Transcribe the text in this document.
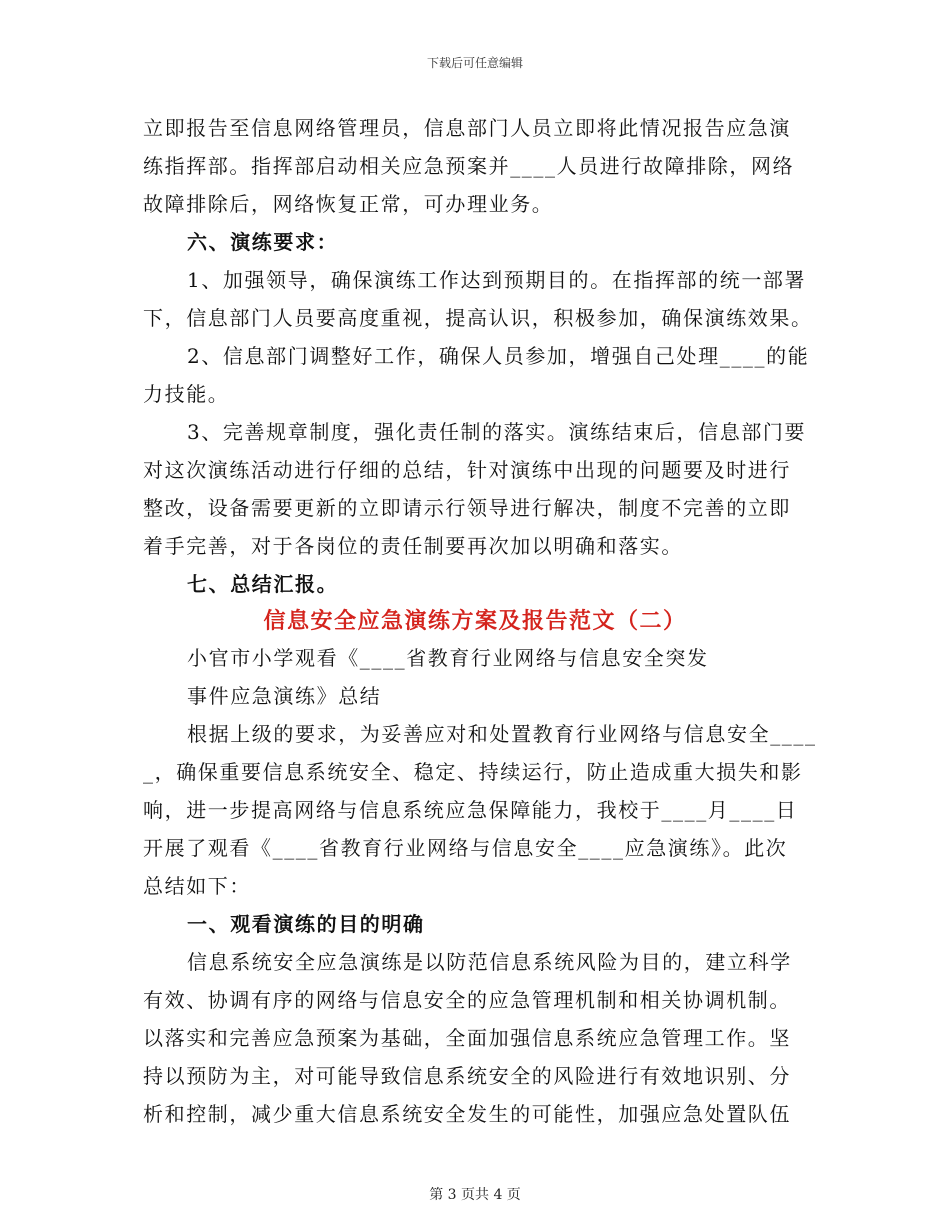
下载后可任意编辑
立即报告至信息网络管理员，信息部门人员立即将此情况报告应急演
练指挥部。指挥部启动相关应急预案并____人员进行故障排除，网络
故障排除后，网络恢复正常，可办理业务。
六、演练要求：
1、加强领导，确保演练工作达到预期目的。在指挥部的统一部署
下，信息部门人员要高度重视，提高认识，积极参加，确保演练效果。
2、信息部门调整好工作，确保人员参加，增强自己处理____的能
力技能。
3、完善规章制度，强化责任制的落实。演练结束后，信息部门要
对这次演练活动进行仔细的总结，针对演练中出现的问题要及时进行
整改，设备需要更新的立即请示行领导进行解决，制度不完善的立即
着手完善，对于各岗位的责任制要再次加以明确和落实。
七、总结汇报。
信息安全应急演练方案及报告范文（二）
小官市小学观看《____省教育行业网络与信息安全突发
事件应急演练》总结
根据上级的要求，为妥善应对和处置教育行业网络与信息安全____
_，确保重要信息系统安全、稳定、持续运行，防止造成重大损失和影
响，进一步提高网络与信息系统应急保障能力，我校于____月____日
开展了观看《____省教育行业网络与信息安全____应急演练》。此次
总结如下：
一、观看演练的目的明确
信息系统安全应急演练是以防范信息系统风险为目的，建立科学
有效、协调有序的网络与信息安全的应急管理机制和相关协调机制。
以落实和完善应急预案为基础，全面加强信息系统应急管理工作。坚
持以预防为主，对可能导致信息系统安全的风险进行有效地识别、分
析和控制，减少重大信息系统安全发生的可能性，加强应急处置队伍
第 3 页共 4 页
